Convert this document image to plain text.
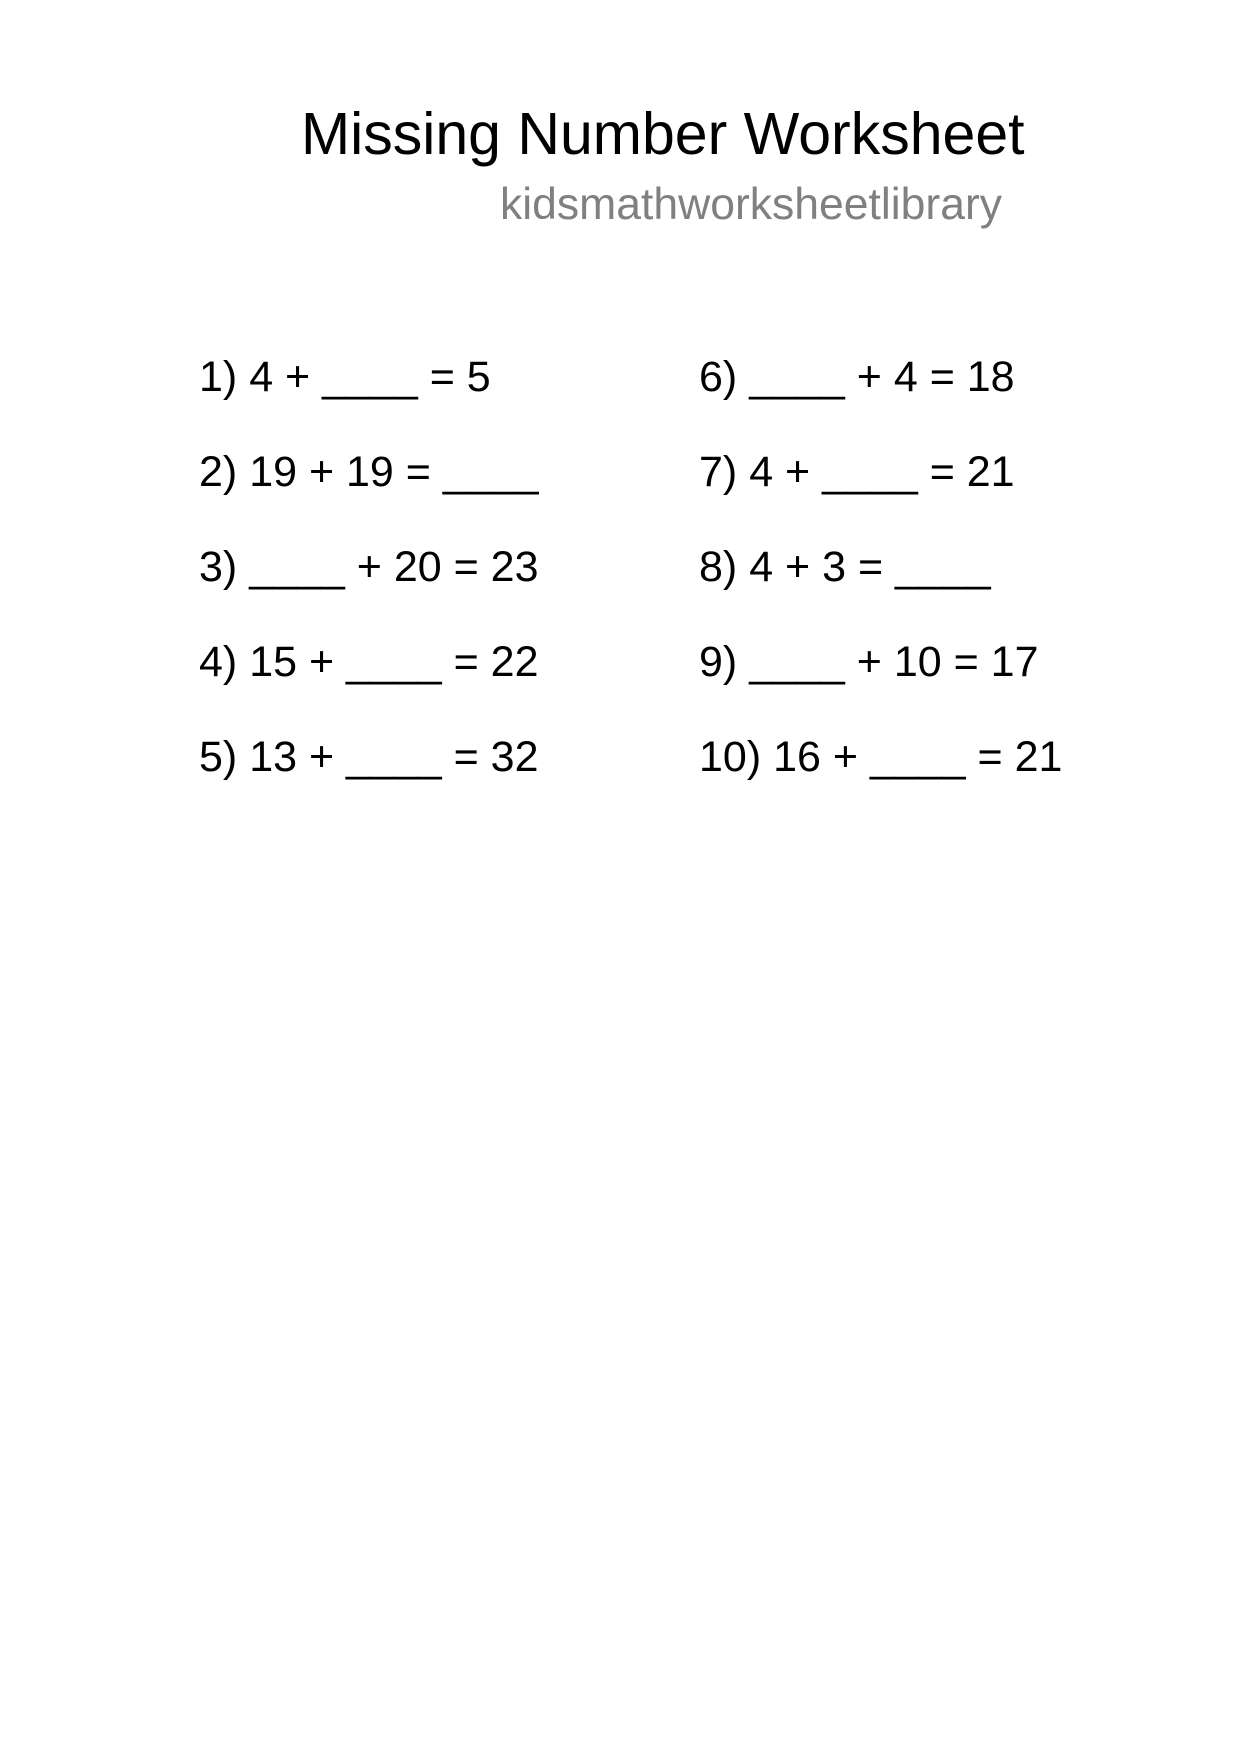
Missing Number Worksheet
kidsmathworksheetlibrary
1) 4 + ____ = 5
2) 19 + 19 = ____
3) ____ + 20 = 23
4) 15 + ____ = 22
5) 13 + ____ = 32
6) ____ + 4 = 18
7) 4 + ____ = 21
8) 4 + 3 = ____
9) ____ + 10 = 17
10) 16 + ____ = 21
